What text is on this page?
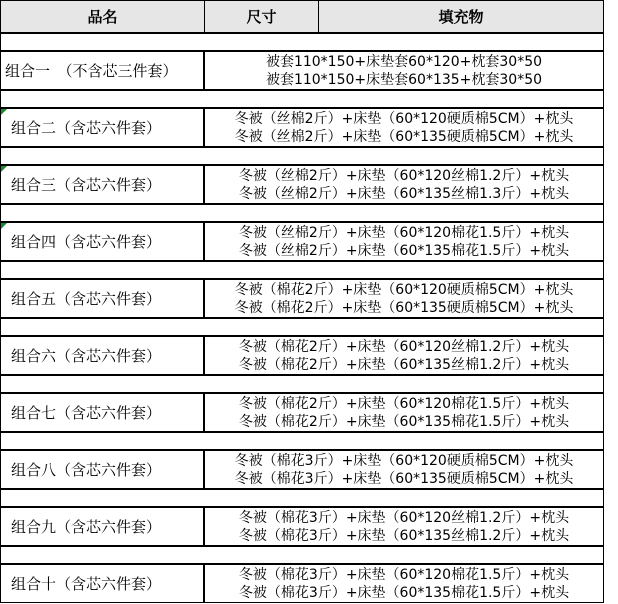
品名	尺寸	填充物
组合一　（不含芯三件套）
被套110*150+床垫套60*120+枕套30*50
被套110*150+床垫套60*135+枕套30*50
组合二（含芯六件套）
冬被（丝棉2斤）+床垫（60*120硬质棉5CM）+枕头
冬被（丝棉2斤）+床垫（60*135硬质棉5CM）+枕头
组合三（含芯六件套）
冬被（丝棉2斤）+床垫（60*120丝棉1.2斤）+枕头
冬被（丝棉2斤）+床垫（60*135丝棉1.3斤）+枕头
组合四（含芯六件套）
冬被（丝棉2斤）+床垫（60*120棉花1.5斤）+枕头
冬被（丝棉2斤）+床垫（60*135棉花1.5斤）+枕头
组合五（含芯六件套）
冬被（棉花2斤）+床垫（60*120硬质棉5CM）+枕头
冬被（棉花2斤）+床垫（60*135硬质棉5CM）+枕头
组合六（含芯六件套）
冬被（棉花2斤）+床垫（60*120丝棉1.2斤）+枕头
冬被（棉花2斤）+床垫（60*135丝棉1.2斤）+枕头
组合七（含芯六件套）
冬被（棉花2斤）+床垫（60*120棉花1.5斤）+枕头
冬被（棉花2斤）+床垫（60*135棉花1.5斤）+枕头
组合八（含芯六件套）
冬被（棉花3斤）+床垫（60*120硬质棉5CM）+枕头
冬被（棉花3斤）+床垫（60*135硬质棉5CM）+枕头
组合九（含芯六件套）
冬被（棉花3斤）+床垫（60*120丝棉1.2斤）+枕头
冬被（棉花3斤）+床垫（60*135丝棉1.2斤）+枕头
组合十（含芯六件套）
冬被（棉花3斤）+床垫（60*120棉花1.5斤）+枕头
冬被（棉花3斤）+床垫（60*135棉花1.5斤）+枕头
